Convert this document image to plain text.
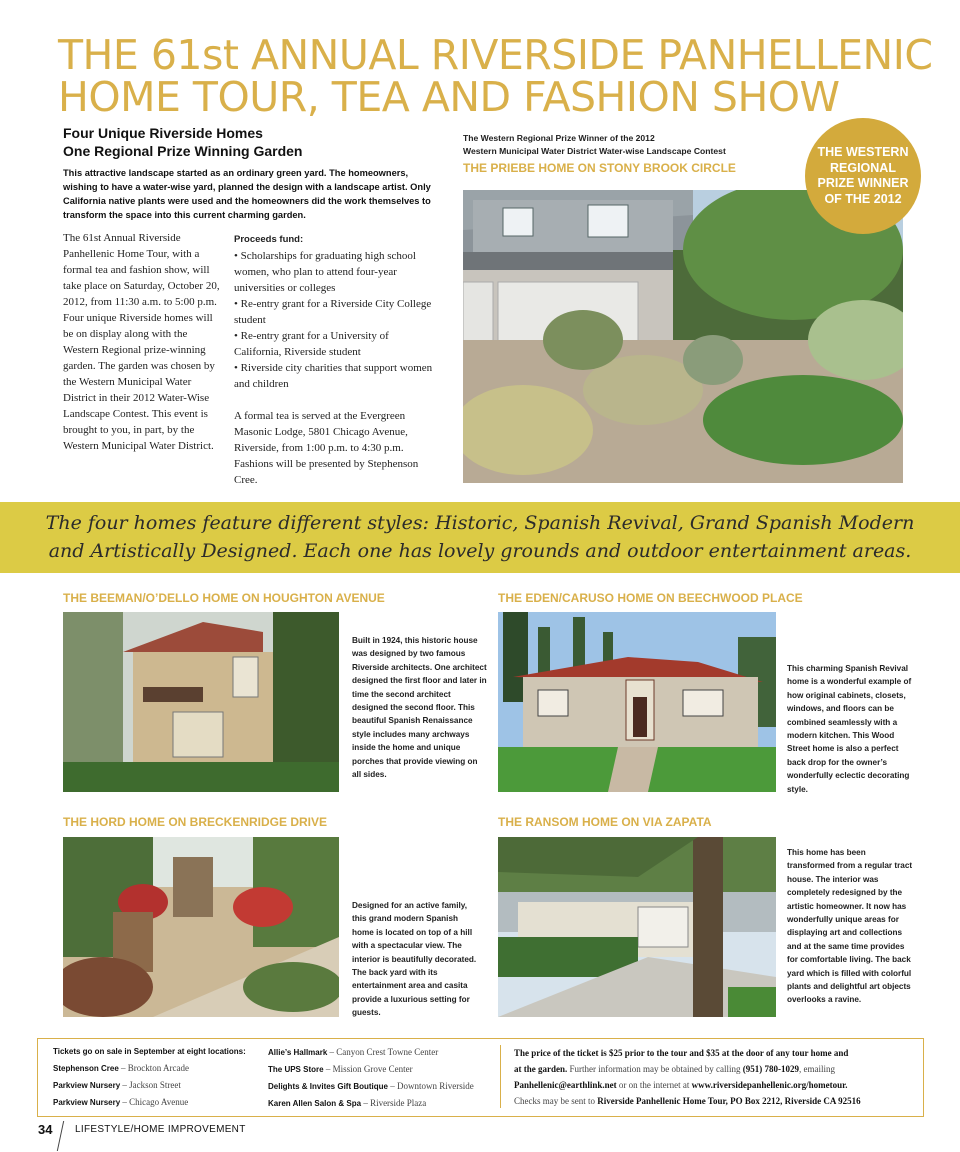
THE 61st ANNUAL RIVERSIDE PANHELLENIC
HOME TOUR, TEA AND FASHION SHOW
Four Unique Riverside Homes
One Regional Prize Winning Garden
This attractive landscape started as an ordinary green yard. The homeowners, wishing to have a water-wise yard, planned the design with a landscape artist. Only California native plants were used and the homeowners did the work themselves to transform the space into this current charming garden.
The 61st Annual Riverside Panhellenic Home Tour, with a formal tea and fashion show, will take place on Saturday, October 20, 2012, from 11:30 a.m. to 5:00 p.m. Four unique Riverside homes will be on display along with the Western Regional prize-winning garden. The garden was chosen by the Western Municipal Water District in their 2012 Water-Wise Landscape Contest. This event is brought to you, in part, by the Western Municipal Water District.

Proceeds fund:

• Scholarships for graduating high school women, who plan to attend four-year universities or colleges

• Re-entry grant for a Riverside City College student

• Re-entry grant for a University of California, Riverside student

• Riverside city charities that support women and children

A formal tea is served at the Evergreen Masonic Lodge, 5801 Chicago Avenue, Riverside, from 1:00 p.m. to 4:30 p.m. Fashions will be presented by Stephenson Cree.

The Western Regional Prize Winner of the 2012
Western Municipal Water District Water-wise Landscape Contest
THE PRIEBE HOME ON STONY BROOK CIRCLE
THE WESTERN REGIONAL PRIZE WINNER OF THE 2012
The four homes feature different styles: Historic, Spanish Revival, Grand Spanish Modern
and Artistically Designed. Each one has lovely grounds and outdoor entertainment areas.
THE BEEMAN/O’DELLO HOME ON HOUGHTON AVENUE
Built in 1924, this historic house was designed by two famous Riverside architects. One architect designed the first floor and later in time the second architect designed the second floor. This beautiful Spanish Renaissance style includes many archways inside the home and unique porches that provide viewing on all sides.
THE EDEN/CARUSO HOME ON BEECHWOOD PLACE
This charming Spanish Revival home is a wonderful example of how original cabinets, closets, windows, and floors can be combined seamlessly with a modern kitchen. This Wood Street home is also a perfect back drop for the owner’s wonderfully eclectic decorating style.
THE HORD HOME ON BRECKENRIDGE DRIVE
Designed for an active family, this grand modern Spanish home is located on top of a hill with a spectacular view. The interior is beautifully decorated. The back yard with its entertainment area and casita provide a luxurious setting for guests.
THE RANSOM HOME ON VIA ZAPATA
This home has been transformed from a regular tract house. The interior was completely redesigned by the artistic homeowner. It now has wonderfully unique areas for displaying art and collections and at the same time provides for comfortable living. The back yard which is filled with colorful plants and delightful art objects overlooks a ravine.
Tickets go on sale in September at eight locations:
Stephenson Cree – Brockton Arcade
Parkview Nursery – Jackson Street
Parkview Nursery – Chicago Avenue
Allie’s Hallmark – Canyon Crest Towne Center
The UPS Store – Mission Grove Center
Delights & Invites Gift Boutique – Downtown Riverside
Karen Allen Salon & Spa – Riverside Plaza
The price of the ticket is $25 prior to the tour and $35 at the door of any tour home and
at the garden. Further information may be obtained by calling (951) 780-1029, emailing
Panhellenic@earthlink.net or on the internet at www.riversidepanhellenic.org/hometour.
Checks may be sent to Riverside Panhellenic Home Tour, PO Box 2212, Riverside CA 92516
34 LIFESTYLE/HOME IMPROVEMENT
